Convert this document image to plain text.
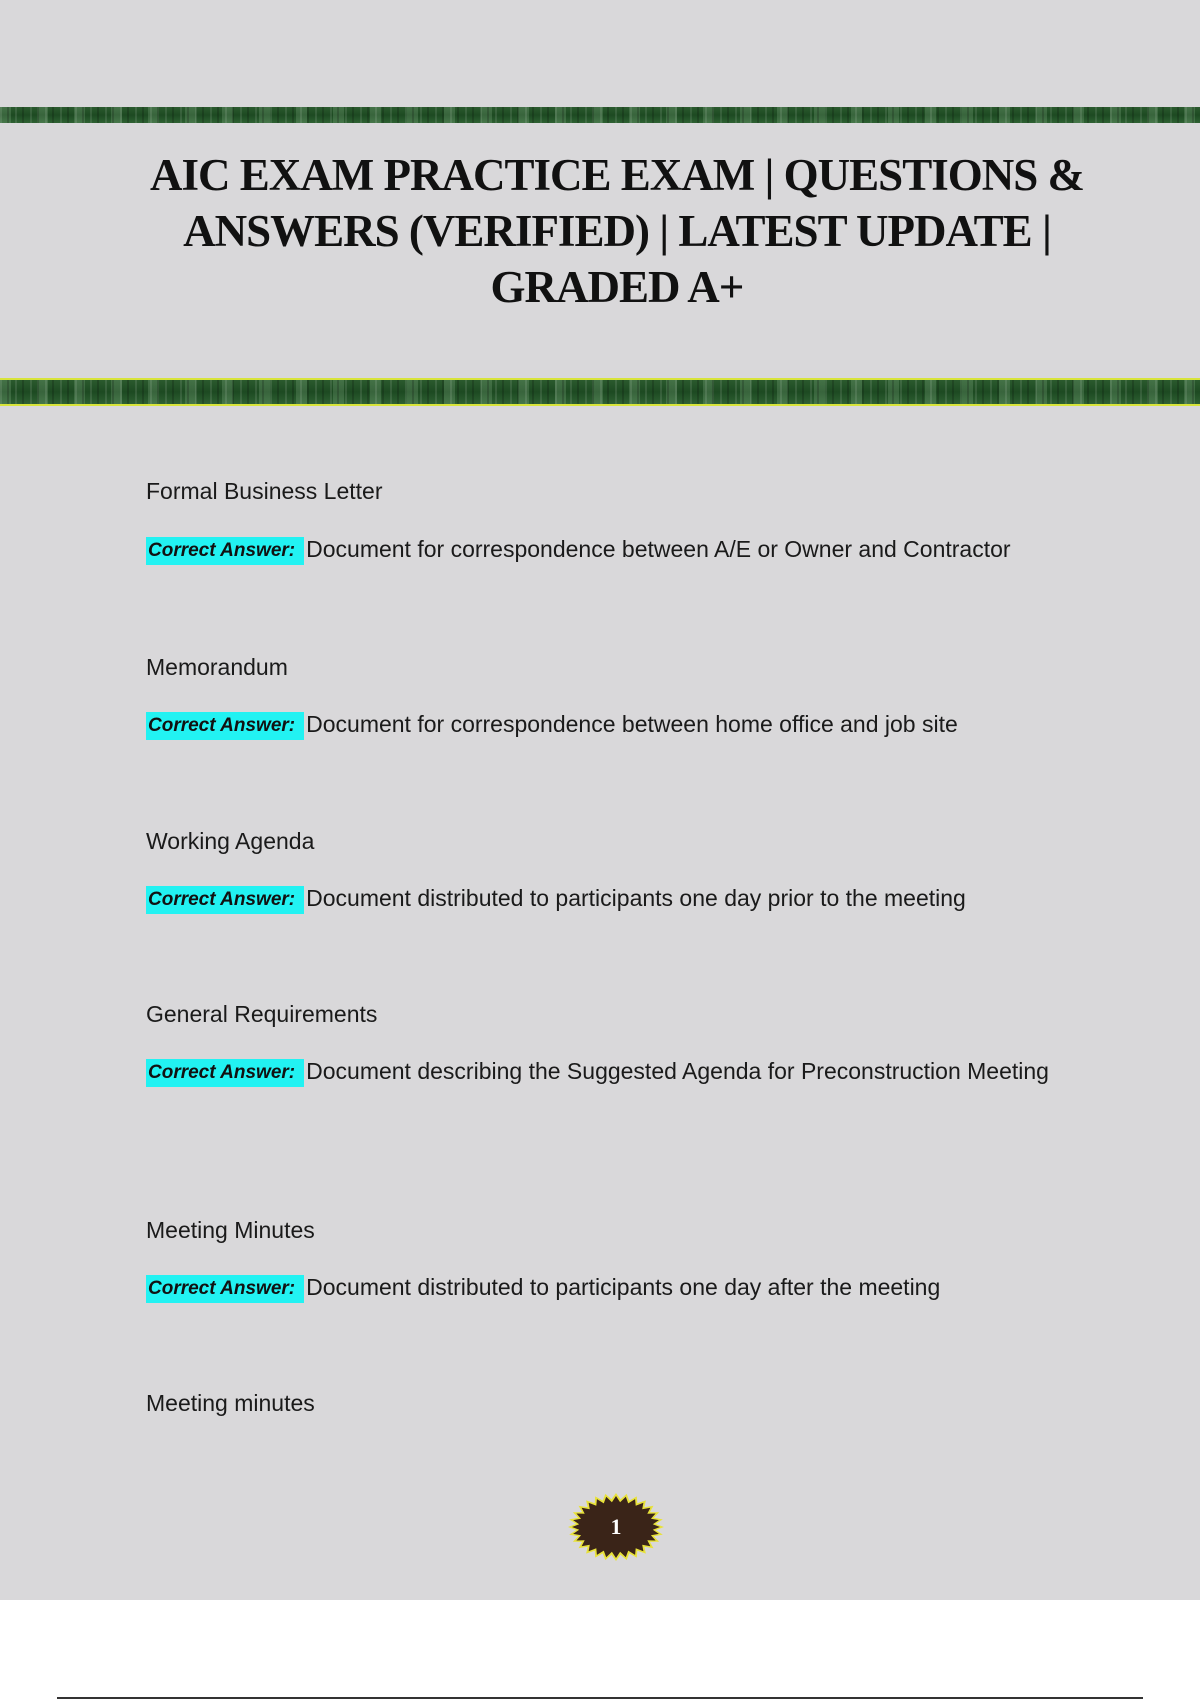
AIC EXAM PRACTICE EXAM | QUESTIONS & ANSWERS (VERIFIED) | LATEST UPDATE | GRADED A+
Formal Business Letter
Correct Answer: Document for correspondence between A/E or Owner and Contractor
Memorandum
Correct Answer: Document for correspondence between home office and job site
Working Agenda
Correct Answer: Document distributed to participants one day prior to the meeting
General Requirements
Correct Answer: Document describing the Suggested Agenda for Preconstruction Meeting
Meeting Minutes
Correct Answer: Document distributed to participants one day after the meeting
Meeting minutes
1
